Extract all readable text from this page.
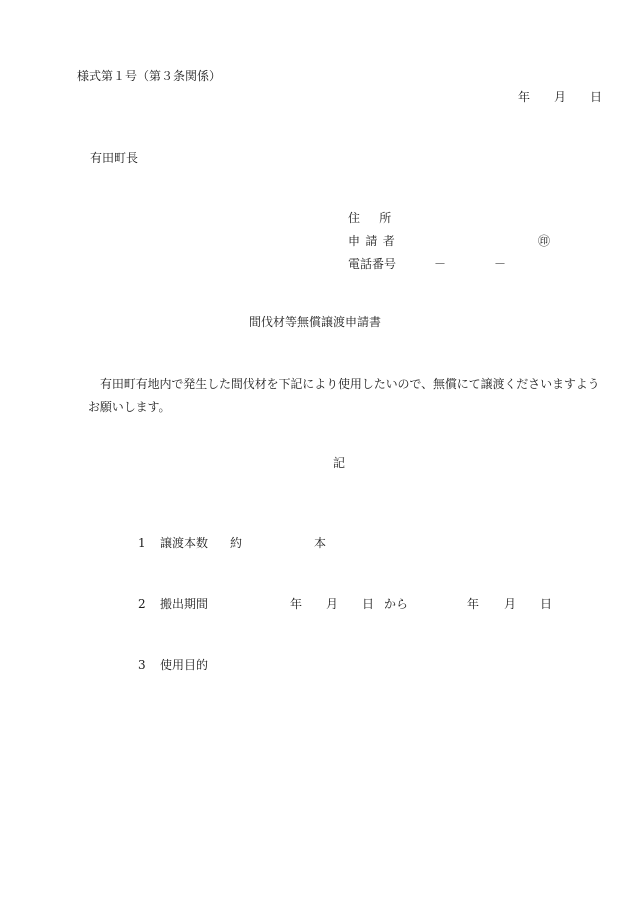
様式第１号（第３条関係）
年 月 日
有田町長
住所
申請者	㊞
電話番号	－	－
間伐材等無償譲渡申請書
有田町有地内で発生した間伐材を下記により使用したいので、無償にて譲渡くださいますようお願いします。
記
1 譲渡本数 約	本
2 搬出期間	年 月 日 から	年 月 日
3 使用目的
